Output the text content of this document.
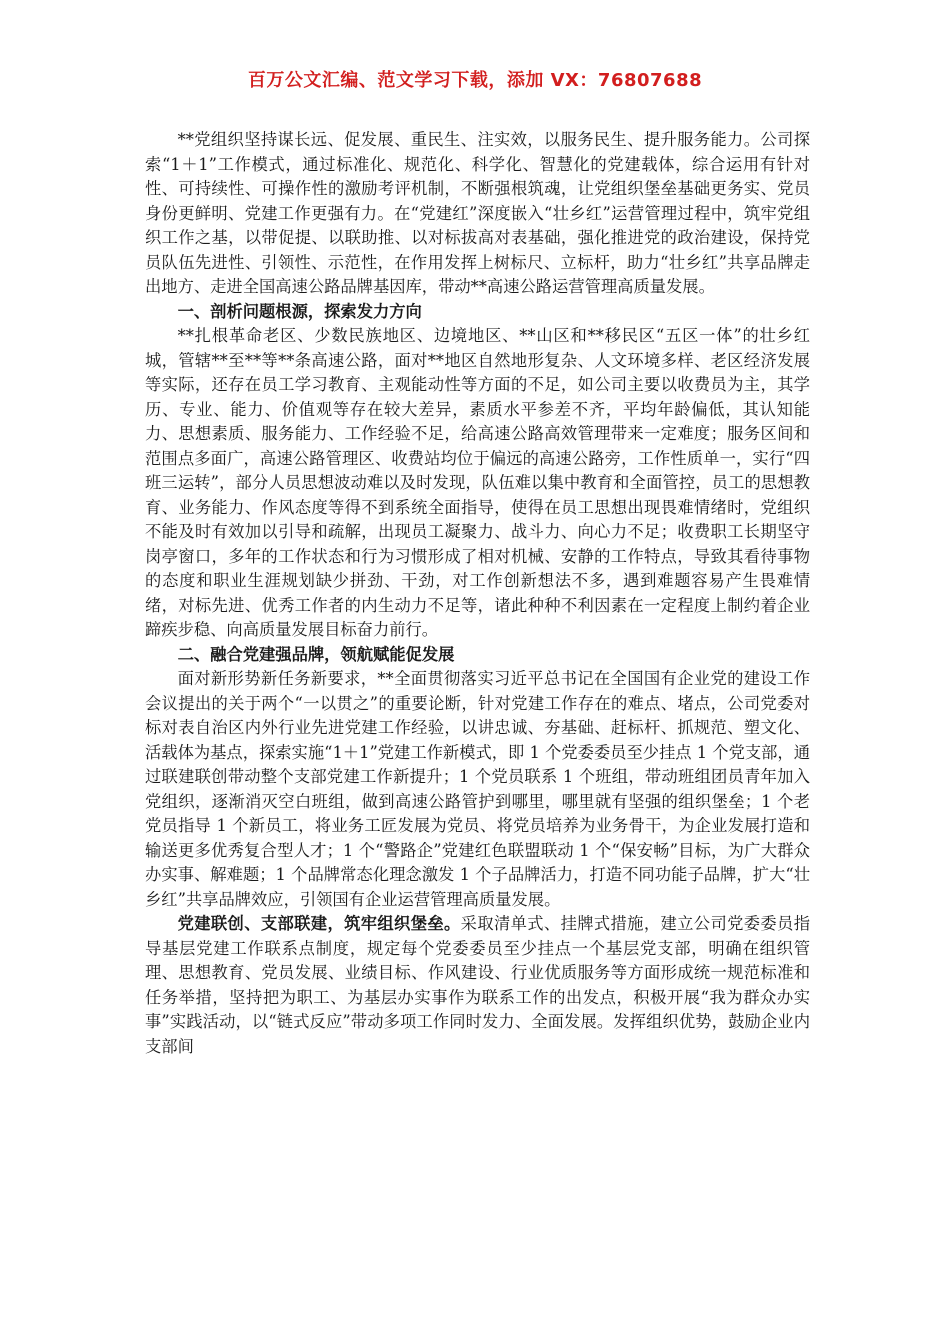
百万公文汇编、范文学习下载，添加 VX：76807688

**党组织坚持谋长远、促发展、重民生、注实效，以服务民生、提升服务能力。公司探索“1＋1”工作模式，通过标准化、规范化、科学化、智慧化的党建载体，综合运用有针对性、可持续性、可操作性的激励考评机制，不断强根筑魂，让党组织堡垒基础更务实、党员身份更鲜明、党建工作更强有力。在“党建红”深度嵌入“壮乡红”运营管理过程中，筑牢党组织工作之基，以带促提、以联助推、以对标拔高对表基础，强化推进党的政治建设，保持党员队伍先进性、引领性、示范性，在作用发挥上树标尺、立标杆，助力“壮乡红”共享品牌走出地方、走进全国高速公路品牌基因库，带动**高速公路运营管理高质量发展。

一、剖析问题根源，探索发力方向

**扎根革命老区、少数民族地区、边境地区、**山区和**移民区“五区一体”的壮乡红城，管辖**至**等**条高速公路，面对**地区自然地形复杂、人文环境多样、老区经济发展等实际，还存在员工学习教育、主观能动性等方面的不足，如公司主要以收费员为主，其学历、专业、能力、价值观等存在较大差异，素质水平参差不齐，平均年龄偏低，其认知能力、思想素质、服务能力、工作经验不足，给高速公路高效管理带来一定难度；服务区间和范围点多面广，高速公路管理区、收费站均位于偏远的高速公路旁，工作性质单一，实行“四班三运转”，部分人员思想波动难以及时发现，队伍难以集中教育和全面管控，员工的思想教育、业务能力、作风态度等得不到系统全面指导，使得在员工思想出现畏难情绪时，党组织不能及时有效加以引导和疏解，出现员工凝聚力、战斗力、向心力不足；收费职工长期坚守岗亭窗口，多年的工作状态和行为习惯形成了相对机械、安静的工作特点，导致其看待事物的态度和职业生涯规划缺少拼劲、干劲，对工作创新想法不多，遇到难题容易产生畏难情绪，对标先进、优秀工作者的内生动力不足等，诸此种种不利因素在一定程度上制约着企业蹄疾步稳、向高质量发展目标奋力前行。

二、融合党建强品牌，领航赋能促发展

面对新形势新任务新要求，**全面贯彻落实习近平总书记在全国国有企业党的建设工作会议提出的关于两个“一以贯之”的重要论断，针对党建工作存在的难点、堵点，公司党委对标对表自治区内外行业先进党建工作经验，以讲忠诚、夯基础、赶标杆、抓规范、塑文化、活载体为基点，探索实施“1＋1”党建工作新模式，即 1 个党委委员至少挂点 1 个党支部，通过联建联创带动整个支部党建工作新提升；1 个党员联系 1 个班组，带动班组团员青年加入党组织，逐渐消灭空白班组，做到高速公路管护到哪里，哪里就有坚强的组织堡垒；1 个老党员指导 1 个新员工，将业务工匠发展为党员、将党员培养为业务骨干，为企业发展打造和输送更多优秀复合型人才；1 个“警路企”党建红色联盟联动 1 个“保安畅”目标，为广大群众办实事、解难题；1 个品牌常态化理念激发 1 个子品牌活力，打造不同功能子品牌，扩大“壮乡红”共享品牌效应，引领国有企业运营管理高质量发展。

党建联创、支部联建，筑牢组织堡垒。采取清单式、挂牌式措施，建立公司党委委员指导基层党建工作联系点制度，规定每个党委委员至少挂点一个基层党支部，明确在组织管理、思想教育、党员发展、业绩目标、作风建设、行业优质服务等方面形成统一规范标准和任务举措，坚持把为职工、为基层办实事作为联系工作的出发点，积极开展“我为群众办实事”实践活动，以“链式反应”带动多项工作同时发力、全面发展。发挥组织优势，鼓励企业内支部间
